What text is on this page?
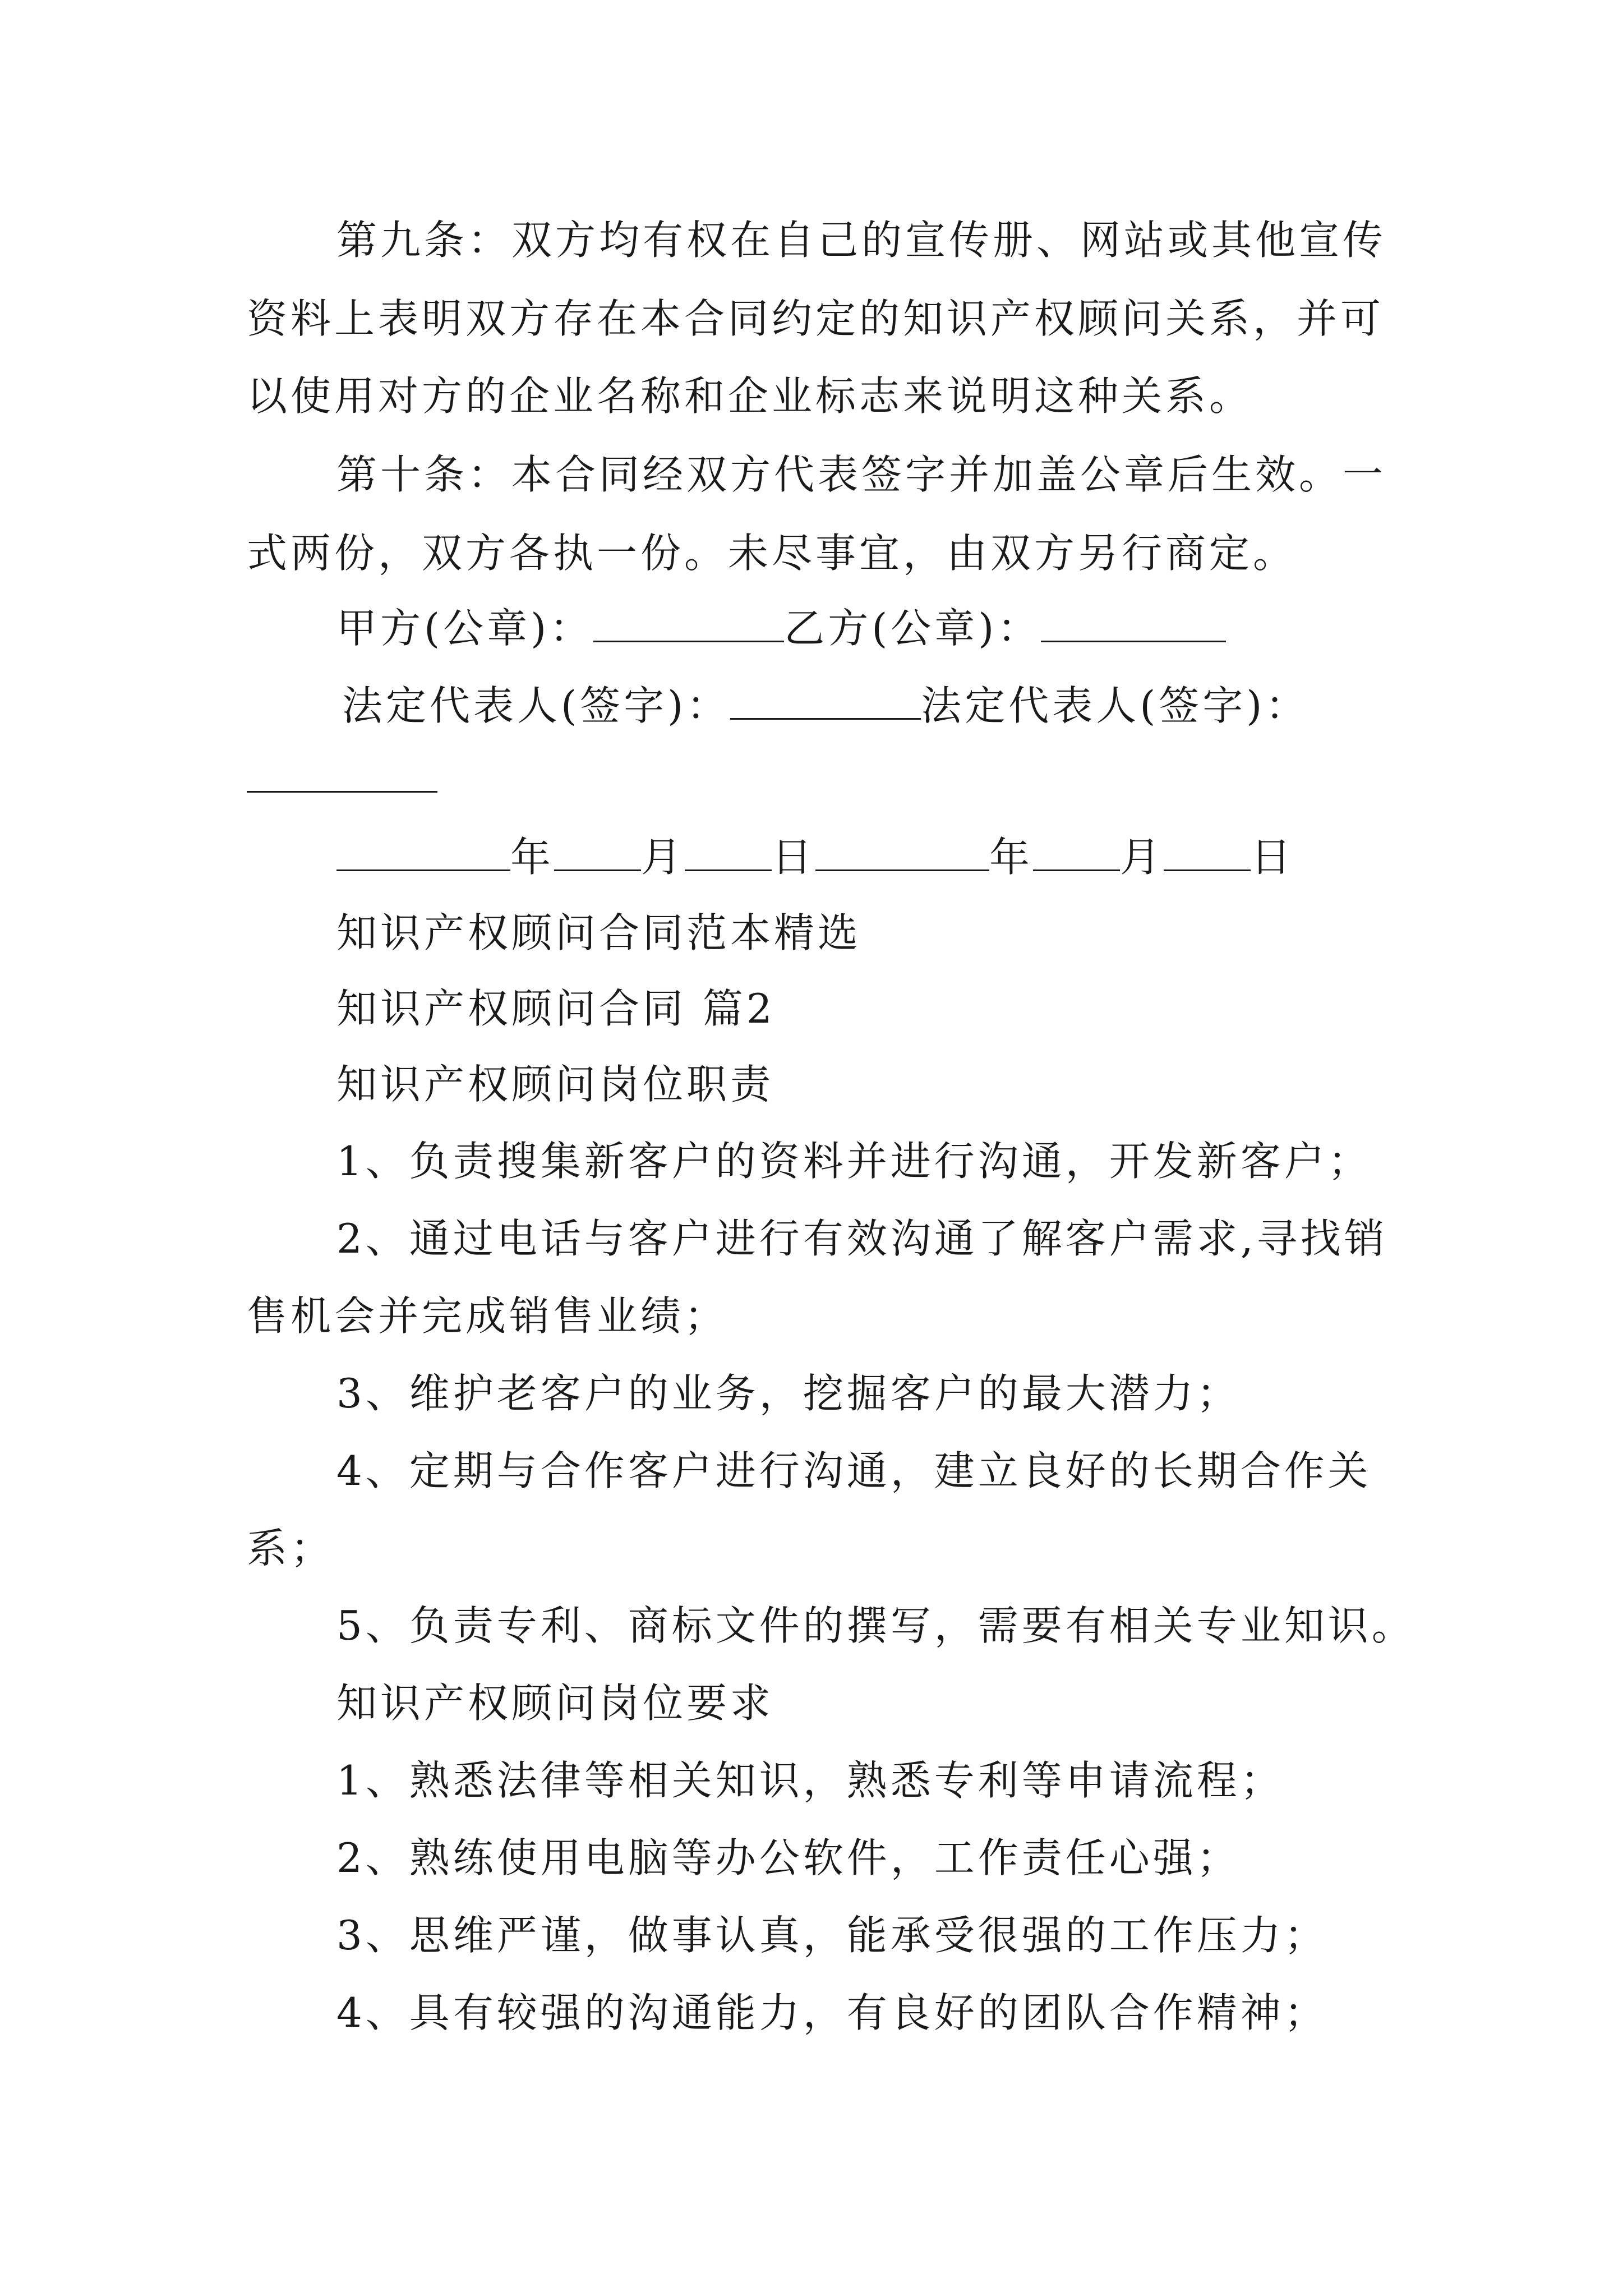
第九条：双方均有权在自己的宣传册、网站或其他宣传
资料上表明双方存在本合同约定的知识产权顾问关系，并可
以使用对方的企业名称和企业标志来说明这种关系。
第十条：本合同经双方代表签字并加盖公章后生效。一
式两份，双方各执一份。未尽事宜，由双方另行商定。
甲方(公章)：	乙方(公章)：
法定代表人(签字)：	法定代表人(签字)：
年 月 日	年 月 日
知识产权顾问合同范本精选
知识产权顾问合同 篇2
知识产权顾问岗位职责
1、负责搜集新客户的资料并进行沟通，开发新客户；
2、通过电话与客户进行有效沟通了解客户需求,寻找销
售机会并完成销售业绩；
3、维护老客户的业务，挖掘客户的最大潜力；
4、定期与合作客户进行沟通，建立良好的长期合作关
系；
5、负责专利、商标文件的撰写，需要有相关专业知识。
知识产权顾问岗位要求
1、熟悉法律等相关知识，熟悉专利等申请流程；
2、熟练使用电脑等办公软件，工作责任心强；
3、思维严谨，做事认真，能承受很强的工作压力；
4、具有较强的沟通能力，有良好的团队合作精神；
